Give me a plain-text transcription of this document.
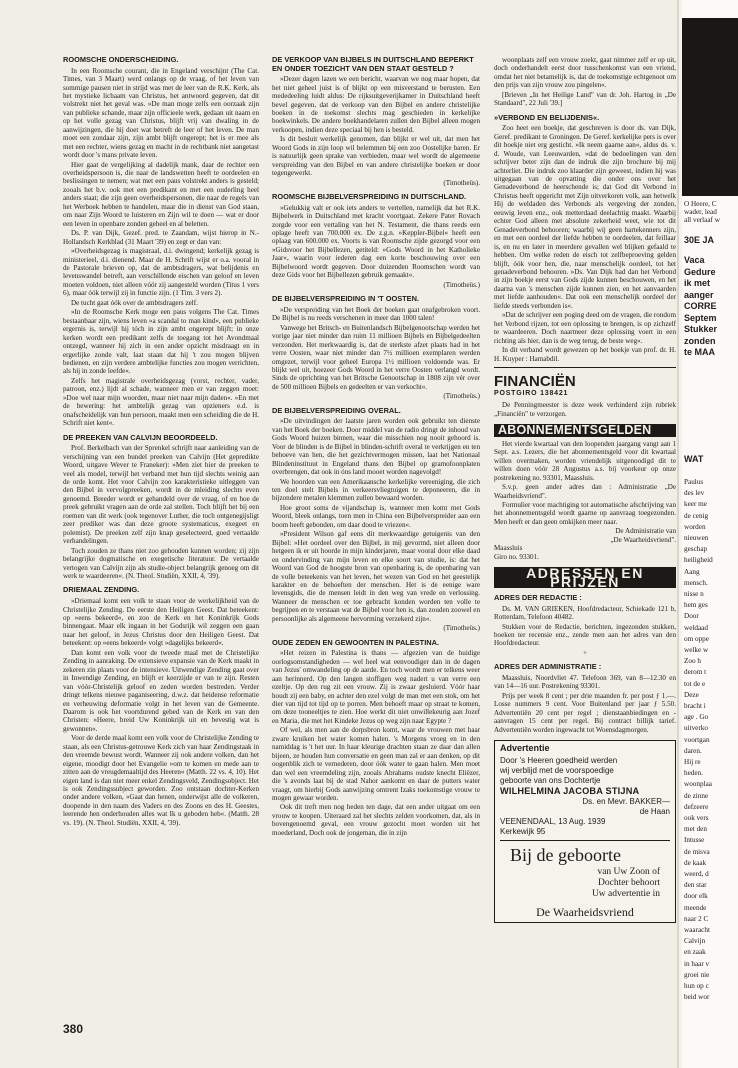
ROOMSCHE ONDERSCHEIDING.
In een Roomsche courant, die in Engeland verschijnt (The Cat. Times, van 3 Maart) werd onlangs op de vraag, of het leven van sommige pausen niet in strijd was met de leer van de R.K. Kerk, als het mystieke lichaam van Christus, het antwoord gegeven, dat dit volstrekt niet het geval was. »De man moge zelfs een oorzaak zijn van publieke schande, maar zijn officieele werk, gedaan uit naam en op het volle gezag van Christus, blijft vrij van dwaling in de aanwijzingen, die hij doet wat betreft de leer of het leven. De man moet een zondaar zijn, zijn ambt blijft ongerept; het is er mee als met een rechter, wiens gezag en macht in de rechtbank niet aangetast wordt door 's mans private leven.
Hier gaat de vergelijking al dadelijk mank, daar de rechter een overheidspersoon is, die naar de landswetten heeft te oordeelen en beslissingen te nemen; wat met een paus volstrekt anders is gesteld; zooals het b.v. ook met een predikant en met een ouderling heel anders staat; die zijn geen overheidspersonen, die naar de regels van het Werboek hebben te handelen, maar die in dienst van God staan, om naar Zijn Woord te luisteren en Zijn wil te doen — wat er door een leven in openbare zonden geheel en al beletten.
Ds. P. van Dijk, Gezef. pred. te Zaandam, wijst hierop in N.-Hollandsch Kerkblad (31 Maart '39) en zegt er dan van:
»Overheidsgezag is magistraal, d.i. dwingend; kerkelijk gezag is ministerieel, d.i. dienend. Maar de H. Schrift wijst er o.a. vooral in de Pastorale brieven op, dat de ambtsdragers, wat belijdenis en levenswandel betreft, aan verschillende eischen van geloof en leven moeten voldoen, niet alleen vóór zij aangesteld worden (Titus 1 vers 6), maar óók terwijl zij in functie zijn. (1 Tim. 3 vers 2).
De tucht gaat óók over de ambtsdragers zelf.
»In de Roomsche Kerk moge een paus volgens The Cat. Times bestaanbaar zijn, wiens leven »a scandal to man kind«, een publieke ergernis is, terwijl hij tóch in zijn ambt ongerept blijft; in onze kerken wordt een predikant zelfs de toegang tot het Avondmaal ontzegd, wanneer hij zich in een ander opzicht misdraagt en in ergerlijke zonde valt, laat staan dat hij 't zou mogen blijven bedienen, en zijn verdere ambtelijke functies zou mogen verrichten, als hij in zonde leefde«.
Zelfs het magistrale overheidsgezag (vorst, rechter, vader, patroon, enz.) lijdt al schade, wanneer men er van zeggen moet: »Doe wel naar mijn woorden, maar niet naar mijn daden«. »En met de bewering: het ambtelijk gezag van opzieners e.d. is onafscheidelijk van hun persoon, maakt men een scheiding die de H. Schrift niet kent«.
DE PREEKEN VAN CALVIJN BEOORDEELD.
Prof. Berkelbach van der Sprenkel schrijft naar aanleiding van de verschijning van een bundel preeken van Calvijn (Het gepredikte Woord, uitgave Wever te Franeker): »Men ziet hier de preeken te veel als model, terwijl het verband met hun tijd slechts weinig aan de orde komt. Het voor Calvijn zoo karakteristieke uitleggen van den Bijbel in vervolgpreeken, wordt in de mleiding slechts even genoemd. Breeder wordt er gehandeld over de vraag, of en hoe de preek gebruikt vragen aan de orde zal stellen. Toch blijft het bij een roemen van dit werk (ook tegenover Luther, die toch ontgenegijsligt zeer prediker was dan deze groote systematicus, exegeet en polemist). De preeken zelf zijn knap geselecteerd, goed vertaalde verhandelingen.
Toch zouden ze thans niet zoo gehouden kunnen worden; zij zijn belangrijke dogmatische en exegetische literatuur. De vertaalde vertogen van Calvijn zijn als studie-object belangrijk genoeg om dit werk te waardeeren«. (N. Theol. Studiën, XXII, 4, '39).
DRIEMAAL ZENDING.
»Driemaal komt een volk te staan voor de werkelijkheid van de Christelijke Zending. De eerste den Heiligen Geest. Dat beteekent: op »eens bekeerd«, en zoo de Kerk en het Koninkrijk Gods binnengaat. Maar elk ingaan in het Godsrijk wil zeggen een gaan naar het geloof, in Jezus Christus door den Heiligen Geest. Dat beteekent: op »eens bekeerd« volgt »dagelijks bekeerd«.
Dan komt een volk voor de tweede maal met de Christelijke Zending in aanraking. De extensieve expansie van de Kerk maakt in zekeren zin plaats voor de intensieve. Uitwendige Zending gaat over in Inwendige Zending, en blijft er keerzijde er van te zijn. Resten van vóór-Christelijk geloof en zeden worden bestreden. Verder dringt telkens nieuwe paganiseering, d.w.z. dat heidense reformatie en verheuwing deformatie volgt in het leven van de Gemeente. Daarom is ook het voortdurend gebed van de Kerk en van den Christen: »Heere, breid Uw Koninkrijk uit en bevestig wat is gewonnen«.
Voor de derde maal komt een volk voor de Christelijke Zending te staan, als een Christus-getrouwe Kerk zich van haar Zendingstaak in den vreemde bewust wordt. Wanneer zij ook andere volken, dan het eigene, moodigt door het Evangelie »om te komen en mede aan te zitten aan de vreugdemaaltijd des Heeren« (Matth. 22 vs. 4, 10). Het eigen land is dan niet meer enkel Zendingsveld, Zendingsobject. Het is ook Zendingssubject geworden. Zoo ontstaan dochter-Kerken onder andere volken, »Gaat dan henen, onderwijst alle de volkeren, doopende in den naam des Vaders en des Zoons en des H. Geestes, leerende hen onderhouden alles wat Ik u geboden heb«. (Matth. 28 vs. 19). (N. Theol. Studiën, XXII, 4, '39).
DE VERKOOP VAN BIJBELS IN DUITSCHLAND BEPERKT EN ONDER TOEZICHT VAN DEN STAAT GESTELD ?
»Dezer dagen lazen we een bericht, waarvan we nog maar hopen, dat het niet geheel juist is of blijkt op een misverstand te berusten. Een mededeeling luidt aldus: De rijksuitgeverijkamer in Duitschland heeft bevel gegeven, dat de verkoop van den Bijbel en andere christelijke boeken in de toekomst slechts mag geschieden in kerkelijke boekwinkels. De andere boekhandelaren zullen den Bijbel alleen mogen verkoopen, indien deze speciaal bij hen is besteld.
Is dit besluit werkelijk genomen, dan blijkt er wel uit, dat men het Woord Gods in zijn loop wil belemmen bij een zoo Oostelijke baren. Er is natuurlijk geen sprake van verbieden, maar wel wordt de algemeene verspreiding van den Bijbel en van andere christelijke boeken er door tegengewerkt.
(Timotheüs).
ROOMSCHE BIJBELVERSPREIDING IN DUITSCHLAND.
»Gelukkig valt er ook iets anders te vertellen, namelijk dat het R.K. Bijbelwerk in Duitschland met kracht voortgaat. Zekere Pater Rovach zorgde voor een vertaling van het N. Testament, die thans reeds een oplage heeft van 700.000 ex. De z.g.n. »Keppler-Bijbel« heeft een oplaag van 600.000 ex. Voorts is van Roomsche zijde gezorgd voor een »Gidsvoor het Bijbellezen, getiteld: »Gods Woord in het Katholieke Jaar«, waarin voor iederen dag een korte beschouwing over een Bijbelwoord wordt gegeven. Door duizenden Roomschen wordt van deze Gids voor het Bijbellezen gebruik gemaakt«.
(Timotheüs.)
DE BIJBELVERSPREIDING IN 'T OOSTEN.
»De verspreiding van het Boek der boeken gaat onafgebroken voort. De Bijbel is nu reeds verschenen in meer dan 1000 talen!
Vanwege het Britsch- en Buitenlandsch Bijbelgenootschap werden het vorige jaar niet minder dan ruim 11 millioen Bijbels en Bijbelgedeelten verzonden. Het merkwaardig is, dat de sterkste afzet plaats had in het verre Oosten, waar niet minder dan 7½ millioen exemplaren werden omgezet, terwijl voor geheel Europa 1½ millioen voldoende was. Er blijkt wel uit, hoezeer Gods Woord in het verre Oosten verlangd wordt. Sinds de oprichting van het Britsche Genootschap in 1808 zijn vér over de 500 millioen Bijbels en gedeelten er van verkocht«.
(Timotheüs.)
DE BIJBELVERSPREIDING OVERAL.
»De uitvindingen der laatste jaren worden ook gebruikt ten dienste van het Boek der boeken. Door middel van de radio dringt de inhoud van Gods Woord huizen binnen, waar die misschien nog nooit gehoord is. Voor de blinden is de Bijbel in blinden-schrift overal te verkrijgen en ten behoeve van hen, die het gezichtvermogen missen, laat het Nationaal Blindeninstituut in Engeland thans den Bijbel op gramofoonplaten overbrengen, dat ook in óns land mooet worden nagevolgd!
We hoorden van een Amerikaansche kerkelijke vereeniging, die zich ten doel stelt Bijbels in verkeersvliegtuigen te deponeeren, die in bijzondere metalen klemmen zullen bewaard worden.
Hoe groot soms de vijandschap is, wanneer men komt met Gods Woord, bleek onlangs, toen men in China een Bijbelverspreider aan een boom heeft gebonden, om daar dood te vriezen«.
»President Wilson gaf eens dit merkwaardige getuigenis van den Bijbel: »Het oordeel over den Bijbel, in mij gevormd, niet alleen door hetgeen ik er uit hoorde in mijn kinderjaren, maar vooral door elke daad en ondervinding van mijn leven en elke soort van studie, is: dat het Woord van God de hoogste bron van openbaring is, de openbaring van de volle beteekenis van het leven, het wezen van God en het geestelijk karakter en de behoeften der menschen. Het is de eenige ware levensgids, die de mensen leidt in den weg van vrede en verlossing. Wanneer de menschen er toe gebracht konden worden ten volle te begrijpen en te verstaan wat de Bijbel voor hen is, dan zouden zoowel en persoonlijke als algemeene hervorming verzekerd zijn«.
(Timotheüs.)
OUDE ZEDEN EN GEWOONTEN IN PALESTINA.
»Het reizen in Palestina is thans — afgezien van de huidige oorlogsomstandigheden — wel heel wat eenvoudiger dan in de dagen van Jezus' omwandeling op de aarde. En toch wordt men er telkens weer aan herinnerd. Op den langen stoffigen weg nadert u van verre een ezeltje. Op den rug zit een vrouw. Zij is zwaar gesluierd. Vóór haar houdt zij een baby, en achter den ezel volgt de man met een stok, om het dier van tijd tot tijd op te porren. Men behoeft maar op straat te komen, om deze tooneeltjes te zien. Hoe werkt dit niet onwillekeurig aan Jozef en Maria, die met het Kindeke Jezus op weg zijn naar Egypte ?
Of wel, als men aan de dorpsbron komt, waar de vrouwen met haar zware kruiken het water komen halen. 's Morgens vroeg en in den namiddag is 't het uur. In haar kleurige drachten staan ze daar dan allen bijeen, ze houden hun conversatie en geen man zal er aan denken, op dit oogenblik zich te vernederen, door óók water te gaan halen. Men moet dan wel een vreemdeling zijn, zooals Abrahams oudste knecht Eliëzer, die 's avonds laat bij de stad Nahor aankomt en daar de putters water vraagt, om hierbij Gods aanwijzing omtrent Izaks toekomstige vrouw te mogen gewaar worden.
Ook dit treft men nog heden ten dage, dat een ander uitgaat om een vrouw te koopen. Uiteraard zal het slechts zelden voorkomen, dat, als in bovengenoemd geval, een vrouw gezocht moet worden uit het moederland, Doch ook de jongeman, die in zijn
woonplaats zelf een vrouw zoekt, gaat nimmer zelf er op uit, doch onderhandelt eerst door tusschenkomst van een vriend, omdat het niet betamelijk is, dat de toekomstige echtgenoot om den prijs van zijn vrouw zou pingelen«.
[Brieven „In het Heilige Land" van dr. Joh. Hartog in „De Standaard", 22 Juli '39.]
»VERBOND EN BELIJDENIS«.
Zoo heet een boekje, dat geschreven is door ds. van Dijk, Geref. predikant te Groningen. De Geref. kerkelijke pers is over dit boekje niet erg gesticht. »Ik neem gaarne aan«, aldus ds. v. d. Woude, van Leeuwarden, »dat de bedoelingen van den schrijver beter zijn dan de indruk die zijn brochure bij mij achterliet. Die indruk zoo klaarder zijn geweest, indien hij was uitgegaan van de opvatting die onder ons over het Genadeverbond de heerschende is; dat God dit Verbond in Christus heeft opgericht met Zijn uitverkoren volk, aan hetwelk Hij de weldaden des Verbonds als vergeving der zonden, eeuwig leven enz., ook metterdaad deelachtig maakt. Waarbij echter God alleen met absolute zekerheid weet, wie tot dit Genadeverbond behooren; waarbij wij geen hartekenners zijn, en met een oordeel der liefde hebben te oordeelen, dat feillaar is, en nu en later in meerdere gevallen wel blijken gefaald te hebben. Om welke reden de eisch tot zelfbeproeving gelden blijft, óók voor hen, die, naar menschelijk oordeel, tot het genadeverbond behooren. »Ds. Van Dijk had dan het Verbond in zijn boekje eerst van Gods zijde kunnen beschouwen, en het daarna van 's menschen zijde kunnen zien, en het aanvaarden met liefde aanhouden«. Dat ook een menschelijk oordeel der liefde steeds verbonden is«.
»Dat de schrijver een poging deed om de vragen, die rondom het Verbond rijzen, tot een oplossing te brengen, is op zichzelf te waardeeren. Doch naarmeer deze oplossing voert in een richting als hier, dan is de weg terug, de beste weg«.
In dit verband wordt gewezen op het boekje van prof. dr. H. H. Kuyper : Hamabdil.
FINANCIËN
POSTGIRO 138421
De Penningmeester is deze week verhinderd zijn rubriek „Financiën" te verzorgen.
ABONNEMENTSGELDEN
Het vierde kwartaal van den loopenden jaargang vangt aan 1 Sept. a.s. Lezers, die het abonnementsgeld voor dit kwartaal willen overmaken, worden vriendelijk uitgenoodigd dit te willen doen vóór 28 Augustus a.s. bij voorkeur op onze postrekening no. 93301, Maassluis.
S.v.p. geen ander adres dan : Administratie „De Waarheidsvriend".
Formulier voor machtiging tot automatische afschrijving van het abonnementsgeld wordt gaarne op aanvraag toegezonden. Men heeft er dan geen omkijken meer naar.
De Administratie van
„De Waarheidsvriend".
Maassluis
Giro no. 93301.
ADRESSEN EN PRIJZEN
ADRES DER REDACTIE :
Ds. M. VAN GRIEKEN, Hoofdredacteur, Schiekade 121 b, Rotterdam, Telefoon 40482.
Stukken voor de Redactie, berichten, ingezonden stukken, boeken ter recensie enz., zende men aan het adres van den Hoofdredacteur.
+
ADRES DER ADMINISTRATIE :
Maassluis, Noordvliet 47. Telefoon 369, van 8—12.30 en van 14—16 uur. Postrekening 93301.
Prijs per week 8 cent ; per drie maanden fr. per post ƒ 1.—. Losse nummers 9 cent. Voor Buitenland per jaar ƒ 5.50. Advertentiën 20 cent per regel ; dienstaanbiedingen en -aanvragen 15 cent per regel. Bij contract billijk tarief. Advertentiën worden ingewacht tot Woensdagmorgen.
Advertentie
Door 's Heeren goedheid werden
wij verblijd met de voorspoedige
geboorte van ons Dochtertje
WILHELMINA JACOBA STIJNA
Ds. en Mevr. BAKKER—
de Haan
VEENENDAAL, 13 Aug. 1939
Kerkewijk 95
Bij de geboorte
van Uw Zoon of
Dochter behoort
Uw advertentie in
De Waarheidsvriend
380
O Heere, C
wader, lead
all verlaaf w
30E JA
Vaca
Gedure
ik met
aanger
CORRE
Septem
Stukker
zonden
te MAA
WAT
Paulus
des lev
keer me
de cenig
worden
nieuwen
geschap
heiligheid
Aang
mensch.
nisse n
hem ges
Door
weldaad
om oppe
welke w
Zoo h
derom t
tot de e
Deze
bracht i
age . Go
uitverko
voortgan
daren.
Hij re
heden.
woonplaa
de zinne
defzeere
ook vers
met den
Intusse
de misva
de kaak
weerd, d
den star
door elk
meende
naar 2 C
waaracht
Calvijn
en zaak
in haar v
groei nie
hun op c
beid wor
